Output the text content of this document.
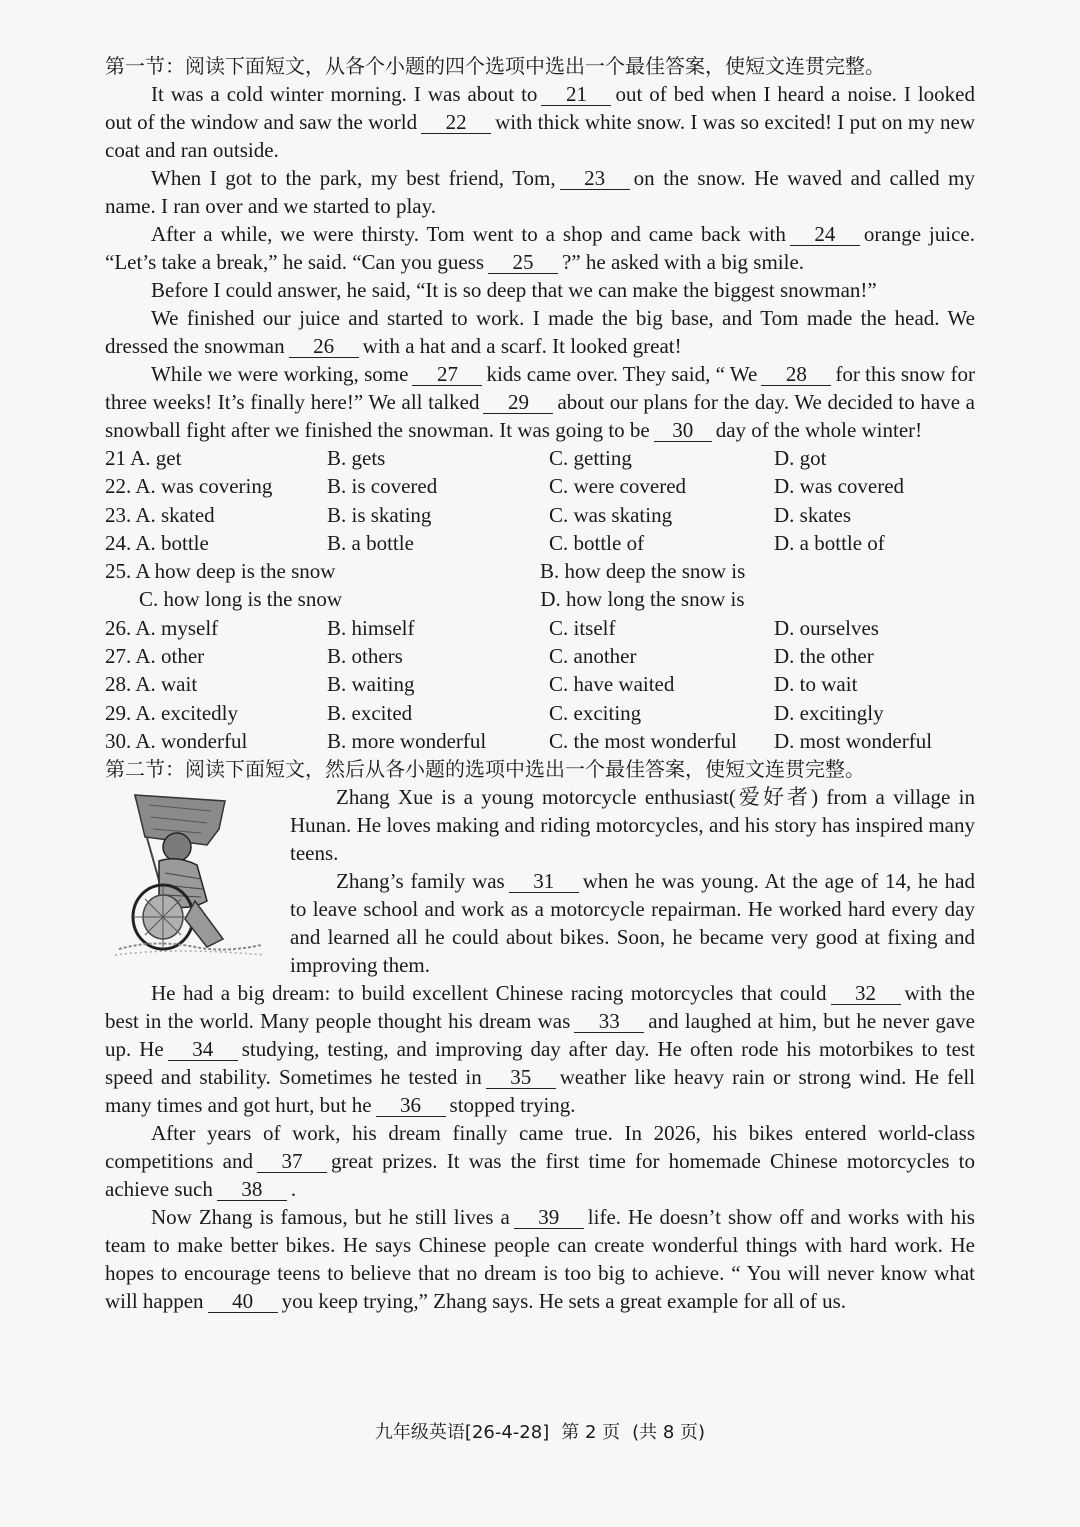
第一节：阅读下面短文，从各个小题的四个选项中选出一个最佳答案，使短文连贯完整。

It was a cold winter morning. I was about to 21 out of bed when I heard a noise. I looked out of the window and saw the world 22 with thick white snow. I was so excited! I put on my new coat and ran outside.

When I got to the park, my best friend, Tom, 23 on the snow. He waved and called my name. I ran over and we started to play.

After a while, we were thirsty. Tom went to a shop and came back with 24 orange juice. “Let’s take a break,” he said. “Can you guess 25 ?” he asked with a big smile.

Before I could answer, he said, “It is so deep that we can make the biggest snowman!”

We finished our juice and started to work. I made the big base, and Tom made the head. We dressed the snowman 26 with a hat and a scarf. It looked great!

While we were working, some 27 kids came over. They said, “ We 28 for this snow for three weeks! It’s finally here!” We all talked 29 about our plans for the day. We decided to have a snowball fight after we finished the snowman. It was going to be 30 day of the whole winter!

21 A. get	B. gets	C. getting	D. got
22. A. was covering	B. is covered	C. were covered	D. was covered
23. A. skated	B. is skating	C. was skating	D. skates
24. A. bottle	B. a bottle	C. bottle of	D. a bottle of
25. A how deep is the snow	B. how deep the snow is
C. how long is the snow	D. how long the snow is
26. A. myself	B. himself	C. itself	D. ourselves
27. A. other	B. others	C. another	D. the other
28. A. wait	B. waiting	C. have waited	D. to wait
29. A. excitedly	B. excited	C. exciting	D. excitingly
30. A. wonderful	B. more wonderful	C. the most wonderful	D. most wonderful

第二节：阅读下面短文，然后从各小题的选项中选出一个最佳答案，使短文连贯完整。

Zhang Xue is a young motorcycle enthusiast(爱好者) from a village in Hunan. He loves making and riding motorcycles, and his story has inspired many teens.

Zhang’s family was 31 when he was young. At the age of 14, he had to leave school and work as a motorcycle repairman. He worked hard every day and learned all he could about bikes. Soon, he became very good at fixing and improving them.

He had a big dream: to build excellent Chinese racing motorcycles that could 32 with the best in the world. Many people thought his dream was 33 and laughed at him, but he never gave up. He 34 studying, testing, and improving day after day. He often rode his motorbikes to test speed and stability. Sometimes he tested in 35 weather like heavy rain or strong wind. He fell many times and got hurt, but he 36 stopped trying.

After years of work, his dream finally came true. In 2026, his bikes entered world-class competitions and 37 great prizes. It was the first time for homemade Chinese motorcycles to achieve such 38 .

Now Zhang is famous, but he still lives a 39 life. He doesn’t show off and works with his team to make better bikes. He says Chinese people can create wonderful things with hard work. He hopes to encourage teens to believe that no dream is too big to achieve. “ You will never know what will happen 40 you keep trying,” Zhang says. He sets a great example for all of us.

九年级英语[26-4-28] 第 2 页 (共 8 页)
